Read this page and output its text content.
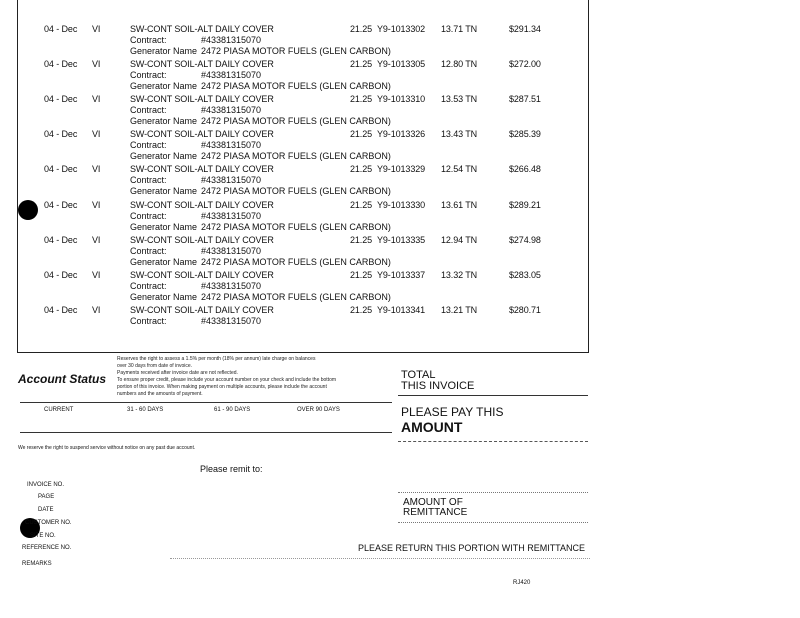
04 - Dec VI	SW-CONT SOIL-ALT DAILY COVER	21.25 Y9-1013302 13.71 TN	$291.34
Contract:	#43381315070
Generator Name 2472 PIASA MOTOR FUELS (GLEN CARBON)
04 - Dec VI	SW-CONT SOIL-ALT DAILY COVER	21.25 Y9-1013305 12.80 TN	$272.00
Contract:	#43381315070
Generator Name 2472 PIASA MOTOR FUELS (GLEN CARBON)
04 - Dec VI	SW-CONT SOIL-ALT DAILY COVER	21.25 Y9-1013310 13.53 TN	$287.51
Contract:	#43381315070
Generator Name 2472 PIASA MOTOR FUELS (GLEN CARBON)
04 - Dec VI	SW-CONT SOIL-ALT DAILY COVER	21.25 Y9-1013326 13.43 TN	$285.39
Contract:	#43381315070
Generator Name 2472 PIASA MOTOR FUELS (GLEN CARBON)
04 - Dec VI	SW-CONT SOIL-ALT DAILY COVER	21.25 Y9-1013329 12.54 TN	$266.48
Contract:	#43381315070
Generator Name 2472 PIASA MOTOR FUELS (GLEN CARBON)
04 - Dec VI	SW-CONT SOIL-ALT DAILY COVER	21.25 Y9-1013330 13.61 TN	$289.21
Contract:	#43381315070
Generator Name 2472 PIASA MOTOR FUELS (GLEN CARBON)
04 - Dec VI	SW-CONT SOIL-ALT DAILY COVER	21.25 Y9-1013335 12.94 TN	$274.98
Contract:	#43381315070
Generator Name 2472 PIASA MOTOR FUELS (GLEN CARBON)
04 - Dec VI	SW-CONT SOIL-ALT DAILY COVER	21.25 Y9-1013337 13.32 TN	$283.05
Contract:	#43381315070
Generator Name 2472 PIASA MOTOR FUELS (GLEN CARBON)
04 - Dec VI	SW-CONT SOIL-ALT DAILY COVER	21.25 Y9-1013341 13.21 TN	$280.71
Contract:	#43381315070
Account Status
Reserves the right to assess a 1.5% per month (18% per annum) late charge on balances
over 30 days from date of invoice.
Payments received after invoice date are not reflected.
To ensure proper credit, please include your account number on your check and include the bottom
portion of this invoice. When making payment on multiple accounts, please include the account
numbers and the amounts of payment.
CURRENT	31 - 60 DAYS	61 - 90 DAYS	OVER 90 DAYS
We reserve the right to suspend service without notice on any past due account.
TOTAL
THIS INVOICE
PLEASE PAY THIS
AMOUNT
Please remit to:
INVOICE NO.
PAGE
DATE
CUSTOMER NO.
SITE NO.
REFERENCE NO.
REMARKS
AMOUNT OF
REMITTANCE
PLEASE RETURN THIS PORTION WITH REMITTANCE
RJ420
